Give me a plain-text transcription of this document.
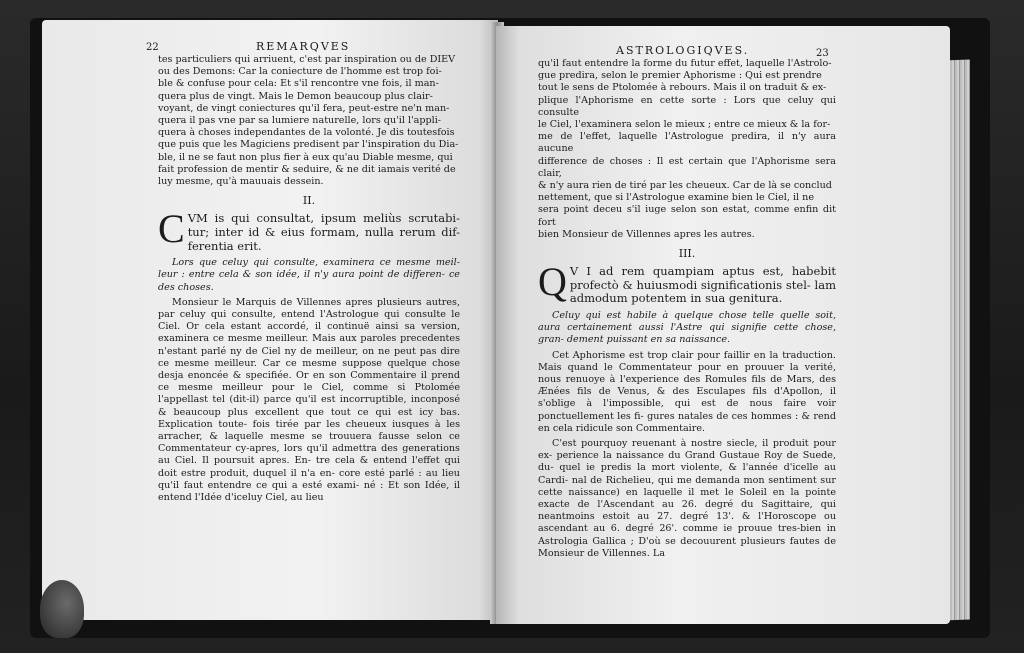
22	REMARQVES

tes particuliers qui arriuent, c'est par inspiration ou de DIEV

ou des Demons: Car la coniecture de l'homme est trop foi-

ble & confuse pour cela: Et s'il rencontre vne fois, il man-

quera plus de vingt. Mais le Demon beaucoup plus clair-

voyant, de vingt coniectures qu'il fera, peut-estre ne'n man-

quera il pas vne par sa lumiere naturelle, lors qu'il l'appli-

quera à choses independantes de la volonté. Je dis toutesfois

que puis que les Magiciens predisent par l'inspiration du Dia-

ble, il ne se faut non plus fier à eux qu'au Diable mesme, qui

fait profession de mentir & seduire, & ne dit iamais verité de

luy mesme, qu'à mauuais dessein.

II.

CVM is qui consultat, ipsum meliùs scrutabi- tur; inter id & eius formam, nulla rerum dif- ferentia erit.

Lors que celuy qui consulte, examinera ce mesme meil- leur : entre cela & son idée, il n'y aura point de differen- ce des choses.

Monsieur le Marquis de Villennes apres plusieurs autres, par celuy qui consulte, entend l'Astrologue qui consulte le Ciel. Or cela estant accordé, il continuë ainsi sa version, examinera ce mesme meilleur. Mais aux paroles precedentes n'estant parlé ny de Ciel ny de meilleur, on ne peut pas dire ce mesme meilleur. Car ce mesme suppose quelque chose desja enoncée & specifiée. Or en son Commentaire il prend ce mesme meilleur pour le Ciel, comme si Ptolomée l'appellast tel (dit-il) parce qu'il est incorruptible, inconposé & beaucoup plus excellent que tout ce qui est icy bas. Explication toute- fois tirée par les cheueux iusques à les arracher, & laquelle mesme se trouuera fausse selon ce Commentateur cy-apres, lors qu'il admettra des generations au Ciel. Il poursuit apres. En- tre cela & entend l'effet qui doit estre produit, duquel il n'a en- core esté parlé : au lieu qu'il faut entendre ce qui a esté exami- né : Et son Idée, il entend l'Idée d'iceluy Ciel, au lieu

ASTROLOGIQVES.	23

qu'il faut entendre la forme du futur effet, laquelle l'Astrolo-

gue predira, selon le premier Aphorisme : Qui est prendre

tout le sens de Ptolomée à rebours. Mais il on traduit & ex-

plique l'Aphorisme en cette sorte : Lors que celuy qui consulte

le Ciel, l'examinera selon le mieux ; entre ce mieux & la for-

me de l'effet, laquelle l'Astrologue predira, il n'y aura aucune

difference de choses : Il est certain que l'Aphorisme sera clair,

& n'y aura rien de tiré par les cheueux. Car de là se conclud

nettement, que si l'Astrologue examine bien le Ciel, il ne

sera point deceu s'il iuge selon son estat, comme enfin dit fort

bien Monsieur de Villennes apres les autres.

III.

Q V I ad rem quampiam aptus est, habebit profectò & huiusmodi significationis stel- lam admodum potentem in sua genitura.

Celuy qui est habile à quelque chose telle quelle soit, aura certainement aussi l'Astre qui signifie cette chose, gran- dement puissant en sa naissance.

Cet Aphorisme est trop clair pour faillir en la traduction. Mais quand le Commentateur pour en prouuer la verité, nous renuoye à l'experience des Romules fils de Mars, des Ænées fils de Venus, & des Esculapes fils d'Apollon, il s'oblige à l'impossible, qui est de nous faire voir ponctuellement les fi- gures natales de ces hommes : & rend en cela ridicule son Commentaire.

C'est pourquoy reuenant à nostre siecle, il produit pour ex- perience la naissance du Grand Gustaue Roy de Suede, du- quel ie predis la mort violente, & l'année d'icelle au Cardi- nal de Richelieu, qui me demanda mon sentiment sur cette naissance) en laquelle il met le Soleil en la pointe exacte de l'Ascendant au 26. degré du Sagittaire, qui neantmoins estoit au 27. degré 13'. & l'Horoscope ou ascendant au 6. degré 26'. comme ie prouue tres-bien in Astrologia Gallica ; D'où se decouurent plusieurs fautes de Monsieur de Villennes. La
